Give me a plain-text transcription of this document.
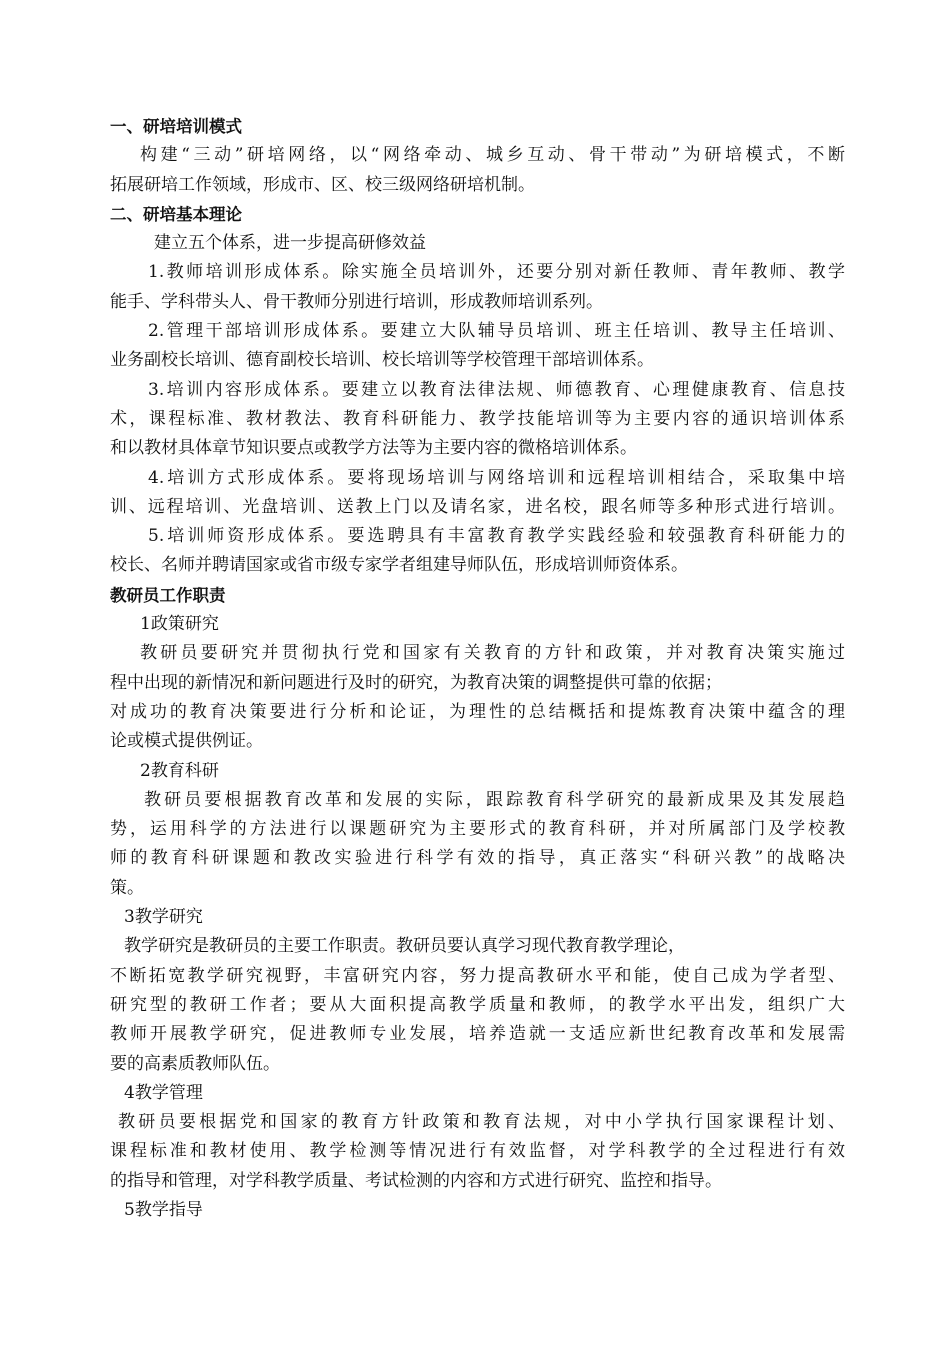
一、研培培训模式

构建“三动”研培网络，以“网络牵动、城乡互动、骨干带动”为研培模式，不断

拓展研培工作领域，形成市、区、校三级网络研培机制。

二、研培基本理论

建立五个体系，进一步提高研修效益

1.教师培训形成体系。除实施全员培训外，还要分别对新任教师、青年教师、教学

能手、学科带头人、骨干教师分别进行培训，形成教师培训系列。

2.管理干部培训形成体系。要建立大队辅导员培训、班主任培训、教导主任培训、

业务副校长培训、德育副校长培训、校长培训等学校管理干部培训体系。

3.培训内容形成体系。要建立以教育法律法规、师德教育、心理健康教育、信息技

术，课程标准、教材教法、教育科研能力、教学技能培训等为主要内容的通识培训体系

和以教材具体章节知识要点或教学方法等为主要内容的微格培训体系。

4.培训方式形成体系。要将现场培训与网络培训和远程培训相结合，采取集中培

训、远程培训、光盘培训、送教上门以及请名家，进名校，跟名师等多种形式进行培训。

5.培训师资形成体系。要选聘具有丰富教育教学实践经验和较强教育科研能力的

校长、名师并聘请国家或省市级专家学者组建导师队伍，形成培训师资体系。

教研员工作职责

1政策研究

教研员要研究并贯彻执行党和国家有关教育的方针和政策，并对教育决策实施过

程中出现的新情况和新问题进行及时的研究，为教育决策的调整提供可靠的依据；

对成功的教育决策要进行分析和论证，为理性的总结概括和提炼教育决策中蕴含的理

论或模式提供例证。

2教育科研

教研员要根据教育改革和发展的实际，跟踪教育科学研究的最新成果及其发展趋

势，运用科学的方法进行以课题研究为主要形式的教育科研，并对所属部门及学校教

师的教育科研课题和教改实验进行科学有效的指导，真正落实“科研兴教”的战略决

策。

3教学研究

教学研究是教研员的主要工作职责。教研员要认真学习现代教育教学理论，

不断拓宽教学研究视野，丰富研究内容，努力提高教研水平和能，使自己成为学者型、

研究型的教研工作者；要从大面积提高教学质量和教师，的教学水平出发，组织广大

教师开展教学研究，促进教师专业发展，培养造就一支适应新世纪教育改革和发展需

要的高素质教师队伍。

4教学管理

教研员要根据党和国家的教育方针政策和教育法规，对中小学执行国家课程计划、

课程标准和教材使用、教学检测等情况进行有效监督，对学科教学的全过程进行有效

的指导和管理，对学科教学质量、考试检测的内容和方式进行研究、监控和指导。

5教学指导
